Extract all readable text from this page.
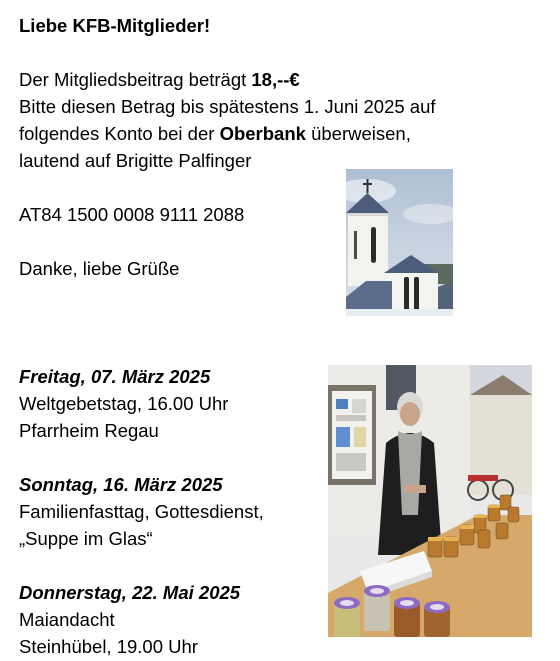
Liebe KFB-Mitglieder!
Der Mitgliedsbeitrag beträgt 18,--€
Bitte diesen Betrag bis spätestens 1. Juni 2025 auf
folgendes Konto bei der Oberbank überweisen,
lautend auf Brigitte Palfinger
AT84 1500 0008 9111 2088
Danke, liebe Grüße
Freitag, 07. März 2025
Weltgebetstag, 16.00 Uhr
Pfarrheim Regau
Sonntag, 16. März 2025
Familienfasttag, Gottesdienst,
„Suppe im Glas“
Donnerstag, 22. Mai 2025
Maiandacht
Steinhübel, 19.00 Uhr
